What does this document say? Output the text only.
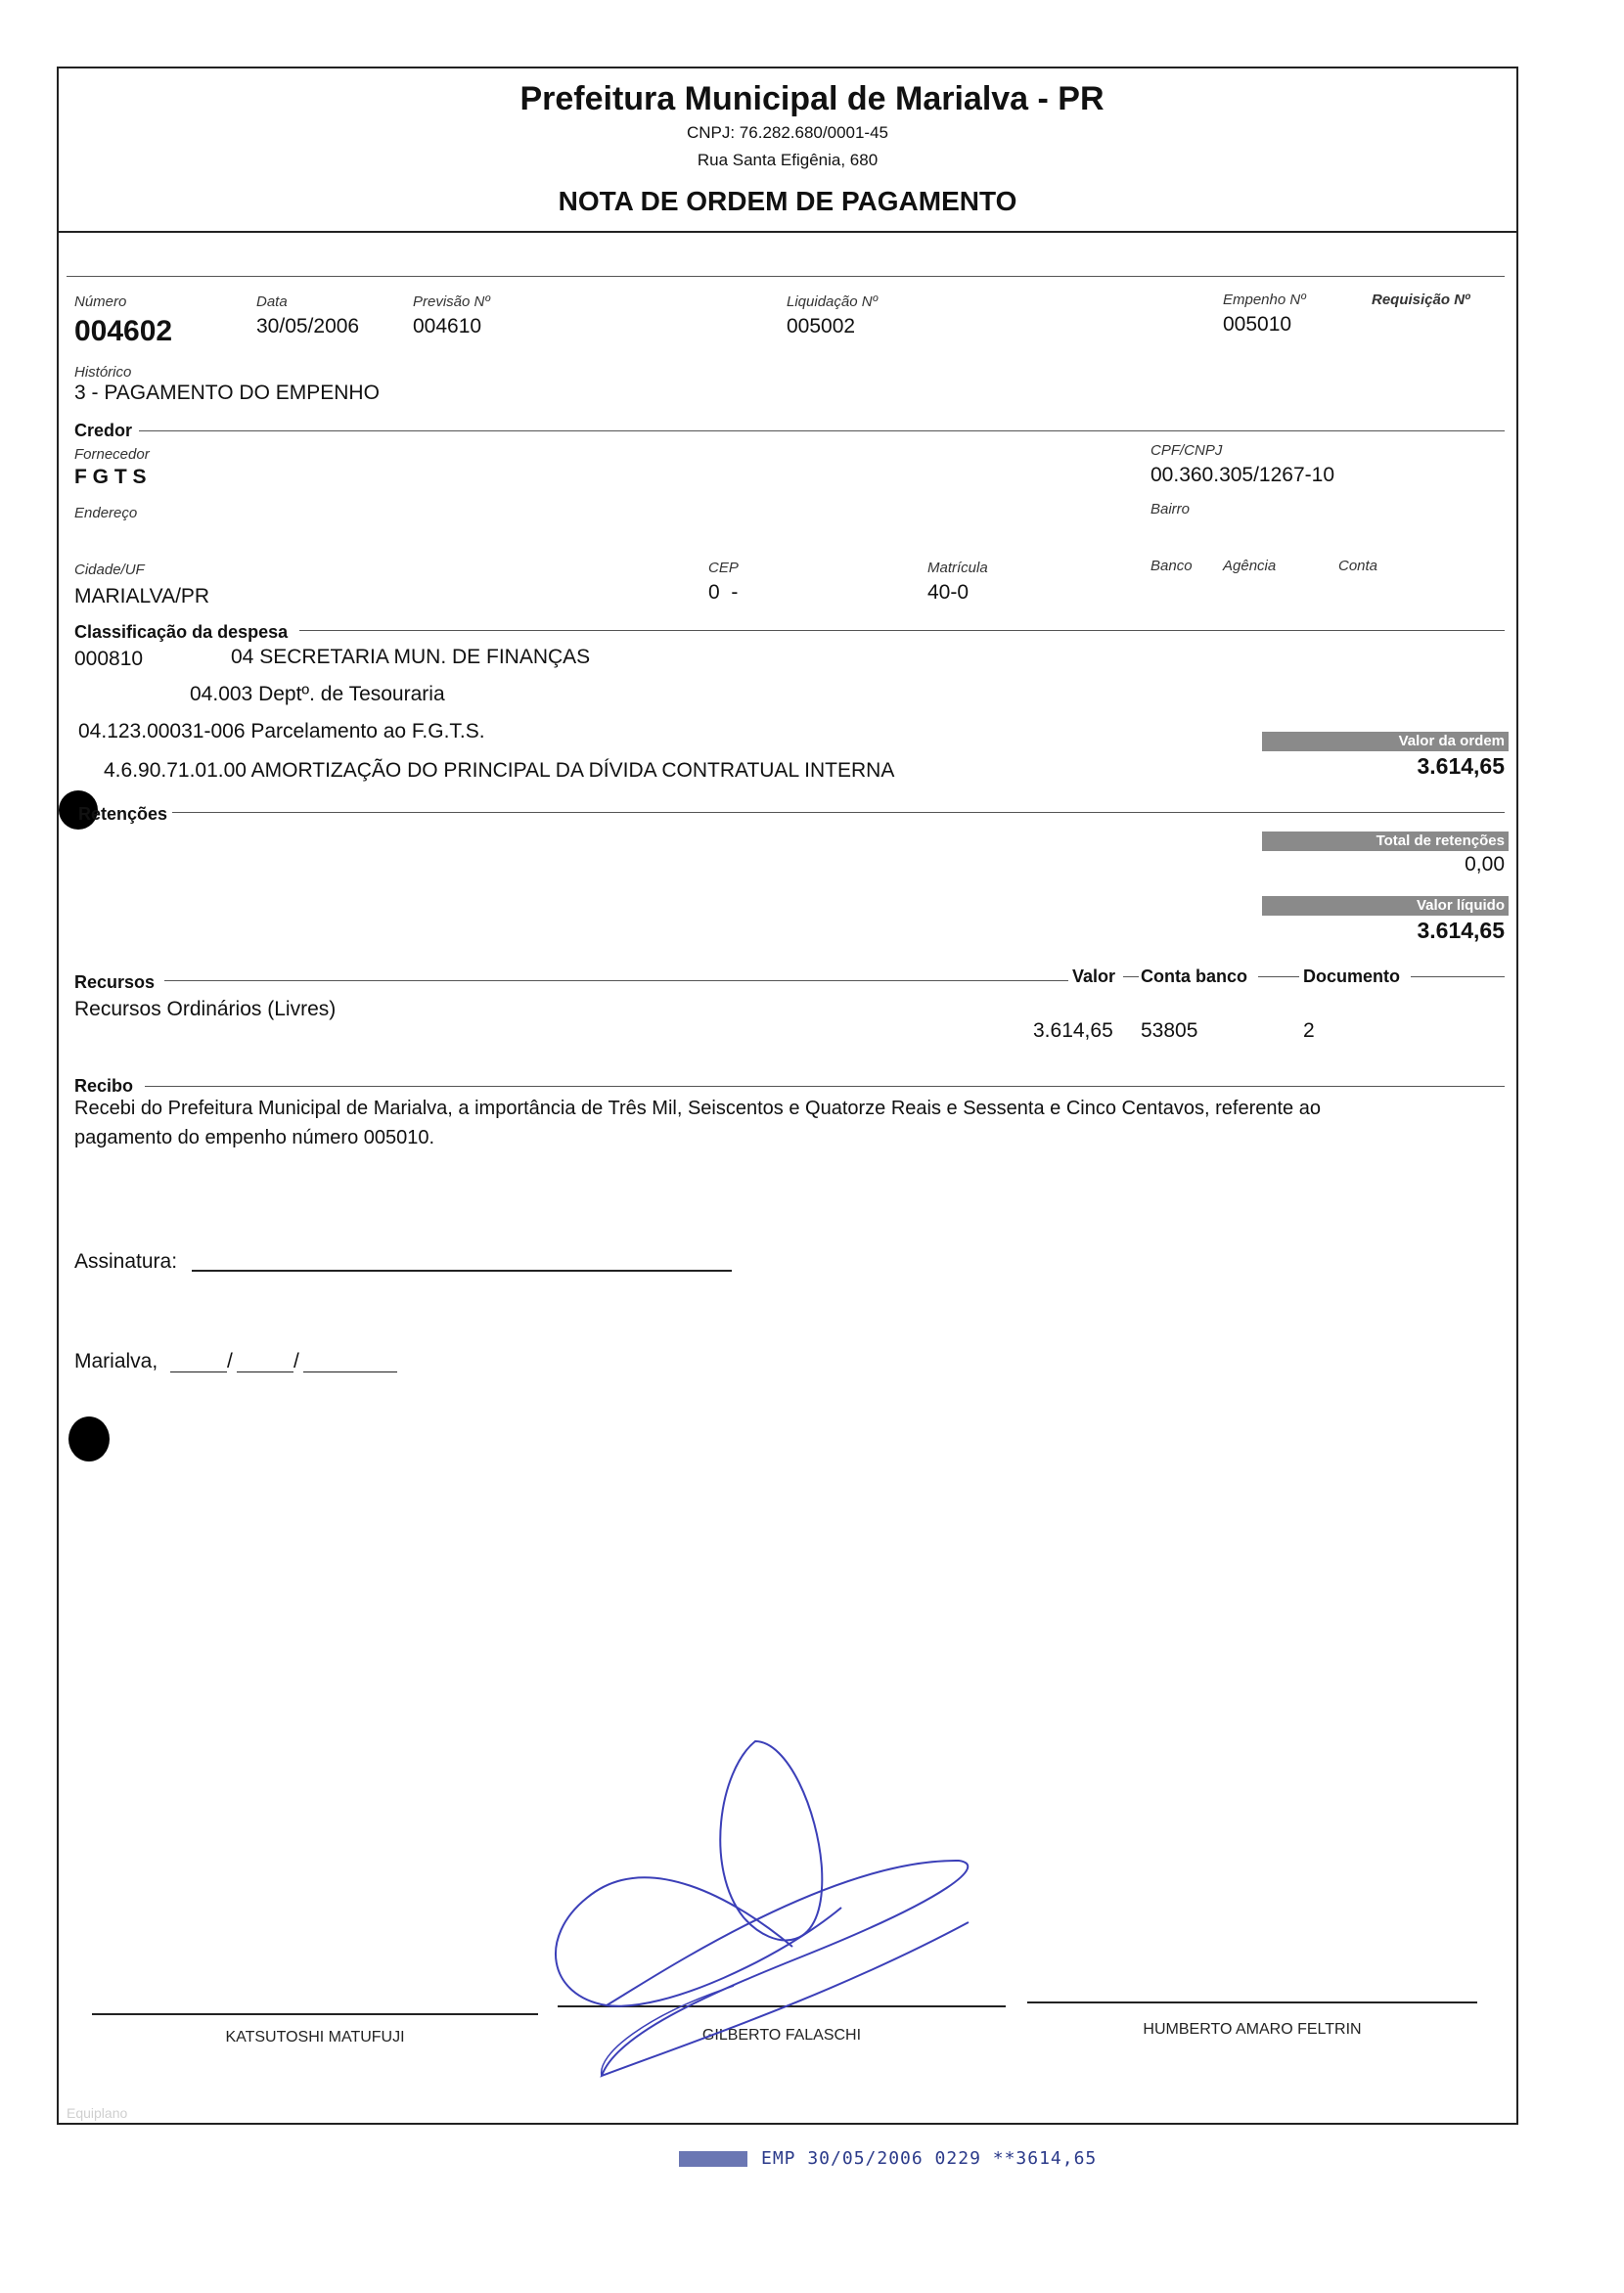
Prefeitura Municipal de Marialva - PR
CNPJ: 76.282.680/0001-45
Rua Santa Efigênia, 680
NOTA DE ORDEM DE PAGAMENTO
Número
004602
Data
30/05/2006
Previsão Nº
004610
Liquidação Nº
005002
Empenho Nº
005010
Requisição Nº
Histórico
3 - PAGAMENTO DO EMPENHO
Credor
Fornecedor
F G T S
CPF/CNPJ
00.360.305/1267-10
Endereço	Bairro
Cidade/UF
MARIALVA/PR
CEP
0  -
Matrícula
40-0
Banco Agência	Conta
Classificação da despesa
000810	04 SECRETARIA MUN. DE FINANÇAS
04.003 Deptº. de Tesouraria
04.123.00031-006 Parcelamento ao F.G.T.S.
4.6.90.71.01.00 AMORTIZAÇÃO DO PRINCIPAL DA DÍVIDA CONTRATUAL INTERNA
Valor da ordem
3.614,65
Retenções
Total de retenções
0,00
Valor líquido
3.614,65
Recursos	Valor Conta banco	Documento
Recursos Ordinários (Livres)
3.614,65 53805	2
Recibo
Recebi do Prefeitura Municipal de Marialva, a importância de Três Mil, Seiscentos e Quatorze Reais e Sessenta e Cinco Centavos, referente ao
pagamento do empenho número 005010.
Assinatura:
Marialva,	/	/
KATSUTOSHI MATUFUJI	GILBERTO FALASCHI	HUMBERTO AMARO FELTRIN
Equiplano
EMP 30/05/2006 0229 **3614,65
